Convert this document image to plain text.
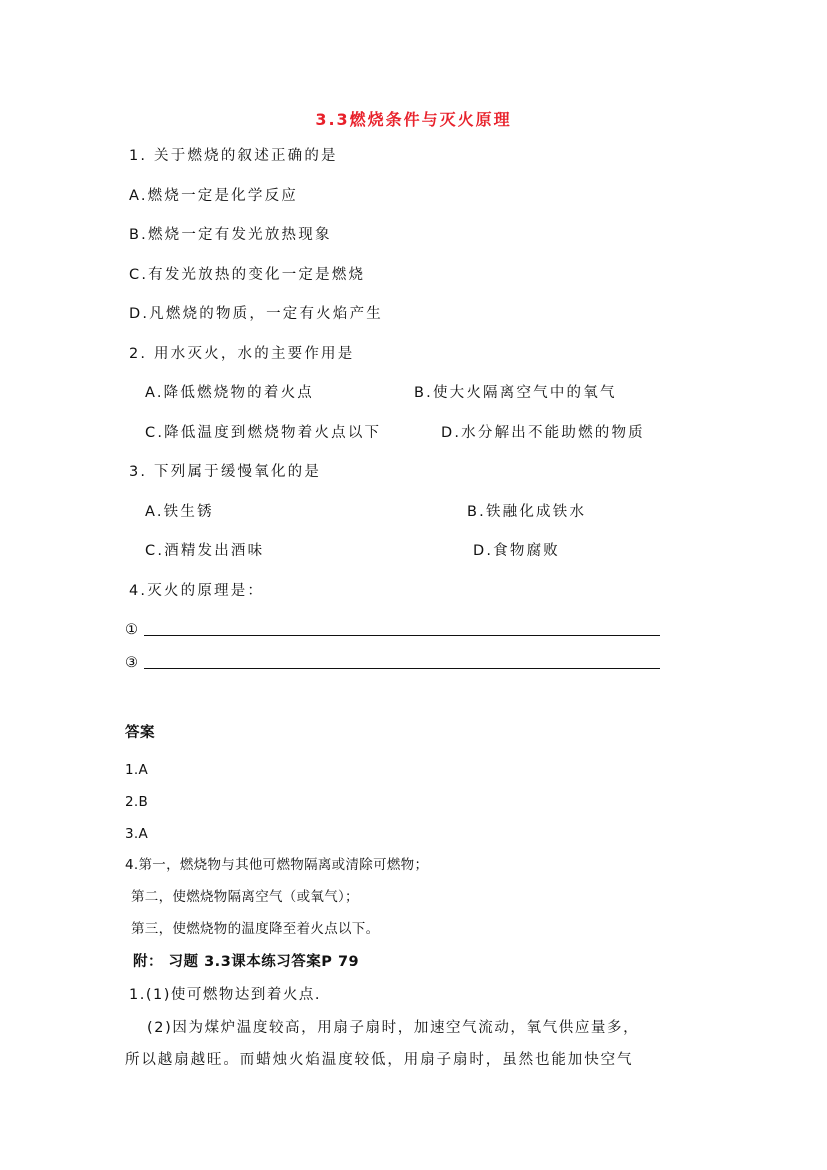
3.3燃烧条件与灭火原理
1. 关于燃烧的叙述正确的是
A.燃烧一定是化学反应
B.燃烧一定有发光放热现象
C.有发光放热的变化一定是燃烧
D.凡燃烧的物质，一定有火焰产生
2. 用水灭火，水的主要作用是
A.降低燃烧物的着火点	B.使大火隔离空气中的氧气
C.降低温度到燃烧物着火点以下	D.水分解出不能助燃的物质
3. 下列属于缓慢氧化的是
A.铁生锈	B.铁融化成铁水
C.酒精发出酒味	D.食物腐败
4.灭火的原理是：
①
③
答案
1.A
2.B
3.A
4.第一，燃烧物与其他可燃物隔离或清除可燃物；
第二，使燃烧物隔离空气（或氧气）；
第三，使燃烧物的温度降至着火点以下。
附： 习题 3.3课本练习答案P 79
1.(1)使可燃物达到着火点.
(2)因为煤炉温度较高，用扇子扇时，加速空气流动，氧气供应量多，
所以越扇越旺。而蜡烛火焰温度较低，用扇子扇时，虽然也能加快空气
